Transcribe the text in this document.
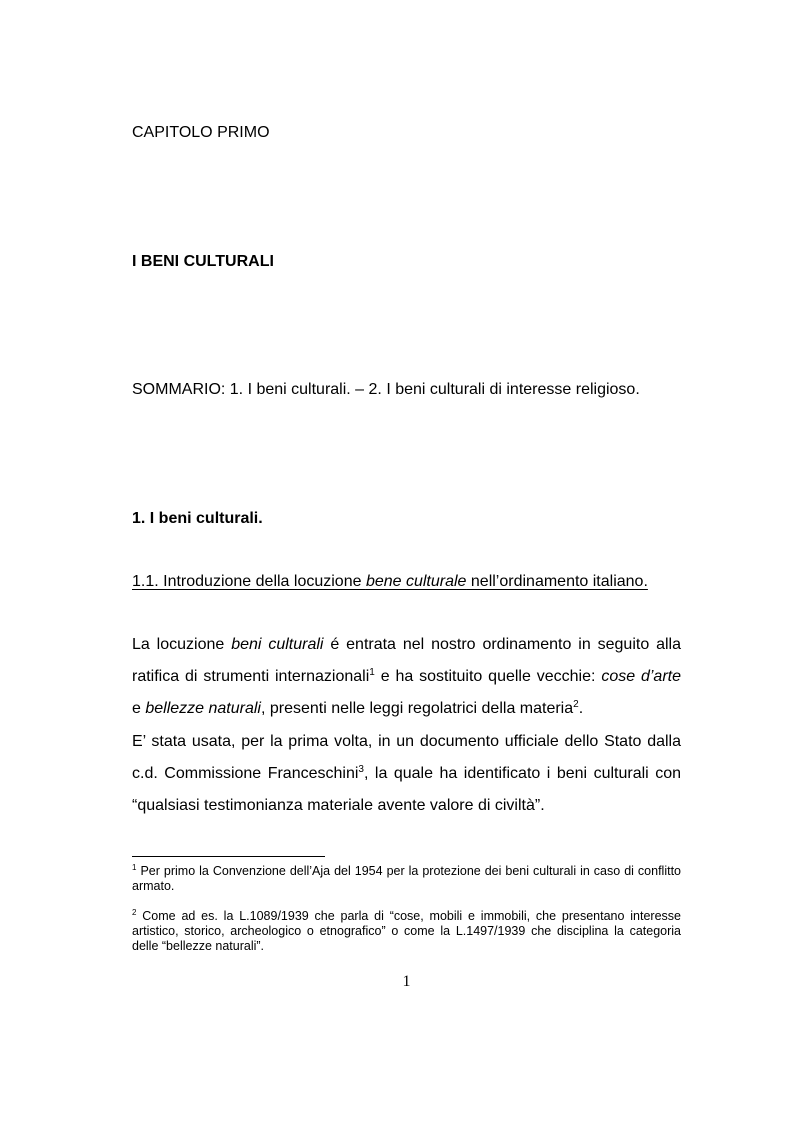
CAPITOLO PRIMO
I BENI CULTURALI
SOMMARIO: 1. I beni culturali. – 2. I beni culturali di interesse religioso.
1. I beni culturali.
1.1. Introduzione della locuzione bene culturale nell’ordinamento italiano.
La locuzione beni culturali é entrata nel nostro ordinamento in seguito alla
ratifica di strumenti internazionali$^1$ e ha sostituito quelle vecchie: cose d’arte
e bellezze naturali, presenti nelle leggi regolatrici della materia$^2$.
E’ stata usata, per la prima volta, in un documento ufficiale dello Stato dalla
c.d. Commissione Franceschini$^3$, la quale ha identificato i beni culturali con
“qualsiasi testimonianza materiale avente valore di civiltà”.
$^1$ Per primo la Convenzione dell’Aja del 1954 per la protezione dei beni culturali in caso di conflitto armato.
$^2$ Come ad es. la L.1089/1939 che parla di “cose, mobili e immobili, che presentano interesse artistico, storico, archeologico o etnografico” o come la L.1497/1939 che disciplina la categoria delle “bellezze naturali”.
1
